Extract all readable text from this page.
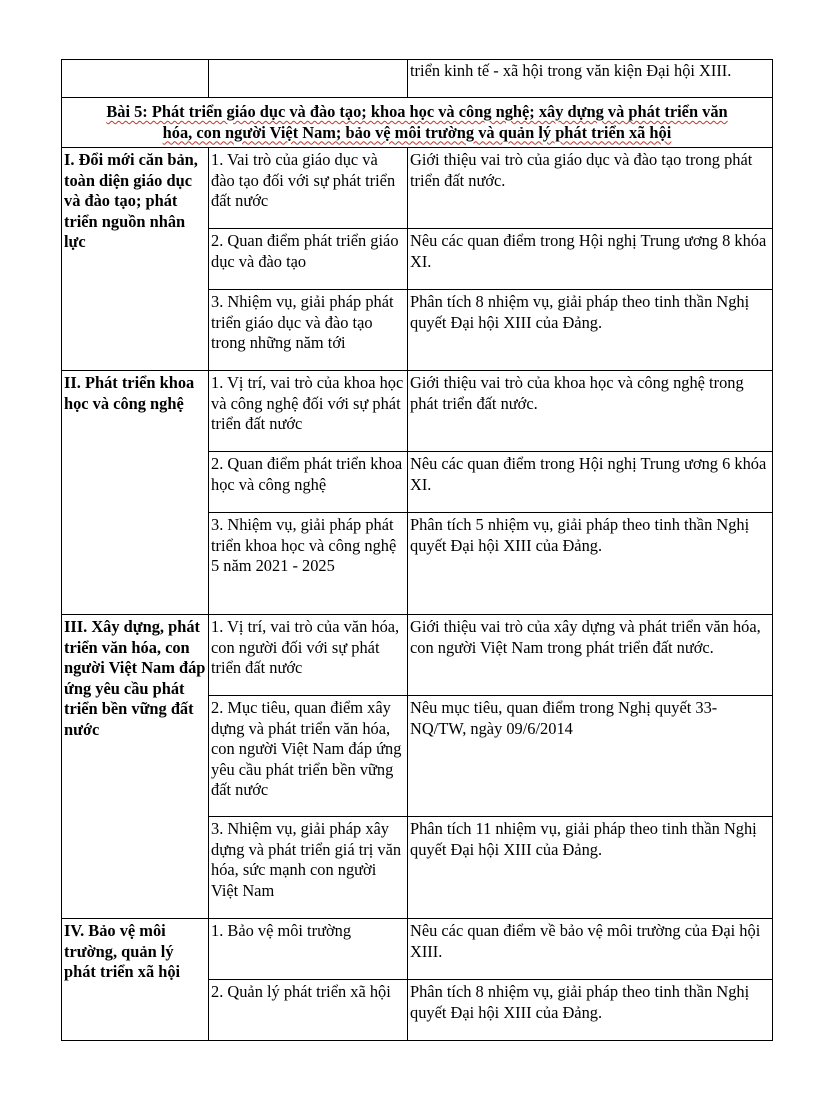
		triển kinh tế - xã hội trong văn kiện Đại hội XIII.
Bài 5: Phát triển giáo dục và đào tạo; khoa học và công nghệ; xây dựng và phát triển văn
hóa, con người Việt Nam; bảo vệ môi trường và quản lý phát triển xã hội		
I. Đổi mới căn bản, toàn diện giáo dục và đào tạo; phát triển nguồn nhân lực	1. Vai trò của giáo dục và đào tạo đối với sự phát triển đất nước	Giới thiệu vai trò của giáo dục và đào tạo trong phát triển đất nước.
	2. Quan điểm phát triển giáo dục và đào tạo	Nêu các quan điểm trong Hội nghị Trung ương 8 khóa XI.
	3. Nhiệm vụ, giải pháp phát triển giáo dục và đào tạo trong những năm tới	Phân tích 8 nhiệm vụ, giải pháp theo tinh thần Nghị quyết Đại hội XIII của Đảng.
II. Phát triển khoa học và công nghệ	1. Vị trí, vai trò của khoa học và công nghệ đối với sự phát triển đất nước	Giới thiệu vai trò của khoa học và công nghệ trong phát triển đất nước.
	2. Quan điểm phát triển khoa học và công nghệ	Nêu các quan điểm trong Hội nghị Trung ương 6 khóa XI.
	3. Nhiệm vụ, giải pháp phát triển khoa học và công nghệ 5 năm 2021 - 2025	Phân tích 5 nhiệm vụ, giải pháp theo tinh thần Nghị quyết Đại hội XIII của Đảng.
III. Xây dựng, phát triển văn hóa, con người Việt Nam đáp ứng yêu cầu phát triển bền vững đất nước	1. Vị trí, vai trò của văn hóa, con người đối với sự phát triển đất nước	Giới thiệu vai trò của xây dựng và phát triển văn hóa, con người Việt Nam trong phát triển đất nước.
	2. Mục tiêu, quan điểm xây dựng và phát triển văn hóa, con người Việt Nam đáp ứng yêu cầu phát triển bền vững đất nước	Nêu mục tiêu, quan điểm trong Nghị quyết 33-NQ/TW, ngày 09/6/2014
	3. Nhiệm vụ, giải pháp xây dựng và phát triển giá trị văn hóa, sức mạnh con người Việt Nam	Phân tích 11 nhiệm vụ, giải pháp theo tinh thần Nghị quyết Đại hội XIII của Đảng.
IV. Bảo vệ môi trường, quản lý phát triển xã hội	1. Bảo vệ môi trường	Nêu các quan điểm về bảo vệ môi trường của Đại hội XIII.
	2. Quản lý phát triển xã hội	Phân tích 8 nhiệm vụ, giải pháp theo tinh thần Nghị quyết Đại hội XIII của Đảng.
